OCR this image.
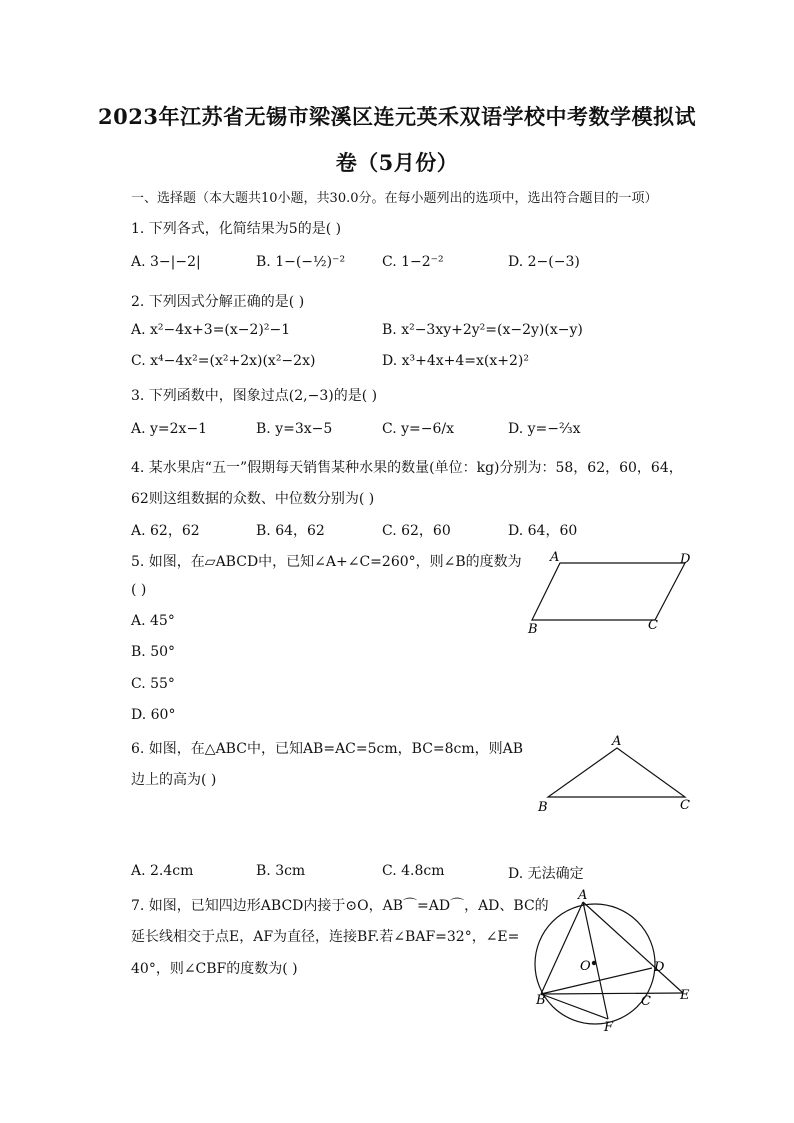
2023年江苏省无锡市梁溪区连元英禾双语学校中考数学模拟试
卷（5月份）
一、选择题（本大题共10小题，共30.0分。在每小题列出的选项中，选出符合题目的一项）
1. 下列各式，化简结果为5的是( )
A. 3−|−2|	B. 1−(−½)⁻²	C. 1−2⁻²	D. 2−(−3)
2. 下列因式分解正确的是( )
A. x²−4x+3=(x−2)²−1	B. x²−3xy+2y²=(x−2y)(x−y)
C. x⁴−4x²=(x²+2x)(x²−2x)	D. x³+4x+4=x(x+2)²
3. 下列函数中，图象过点(2,−3)的是( )
A. y=2x−1	B. y=3x−5	C. y=−6/x	D. y=−⅔x
4. 某水果店“五一”假期每天销售某种水果的数量(单位：kg)分别为：58，62，60，64，
62则这组数据的众数、中位数分别为( )
A. 62，62	B. 64，62	C. 62，60	D. 64，60
5. 如图，在▱ABCD中，已知∠A+∠C=260°，则∠B的度数为
( )
A. 45°
B. 50°
C. 55°
D. 60°
A	D
B	C
6. 如图，在△ABC中，已知AB=AC=5cm，BC=8cm，则AB
边上的高为( )
A
B	C
A. 2.4cm	B. 3cm	C. 4.8cm	D. 无法确定
7. 如图，已知四边形ABCD内接于⊙O，AB⌒=AD⌒，AD、BC的
延长线相交于点E，AF为直径，连接BF.若∠BAF=32°，∠E=
40°，则∠CBF的度数为( )
A
O	D
B	C E
F
